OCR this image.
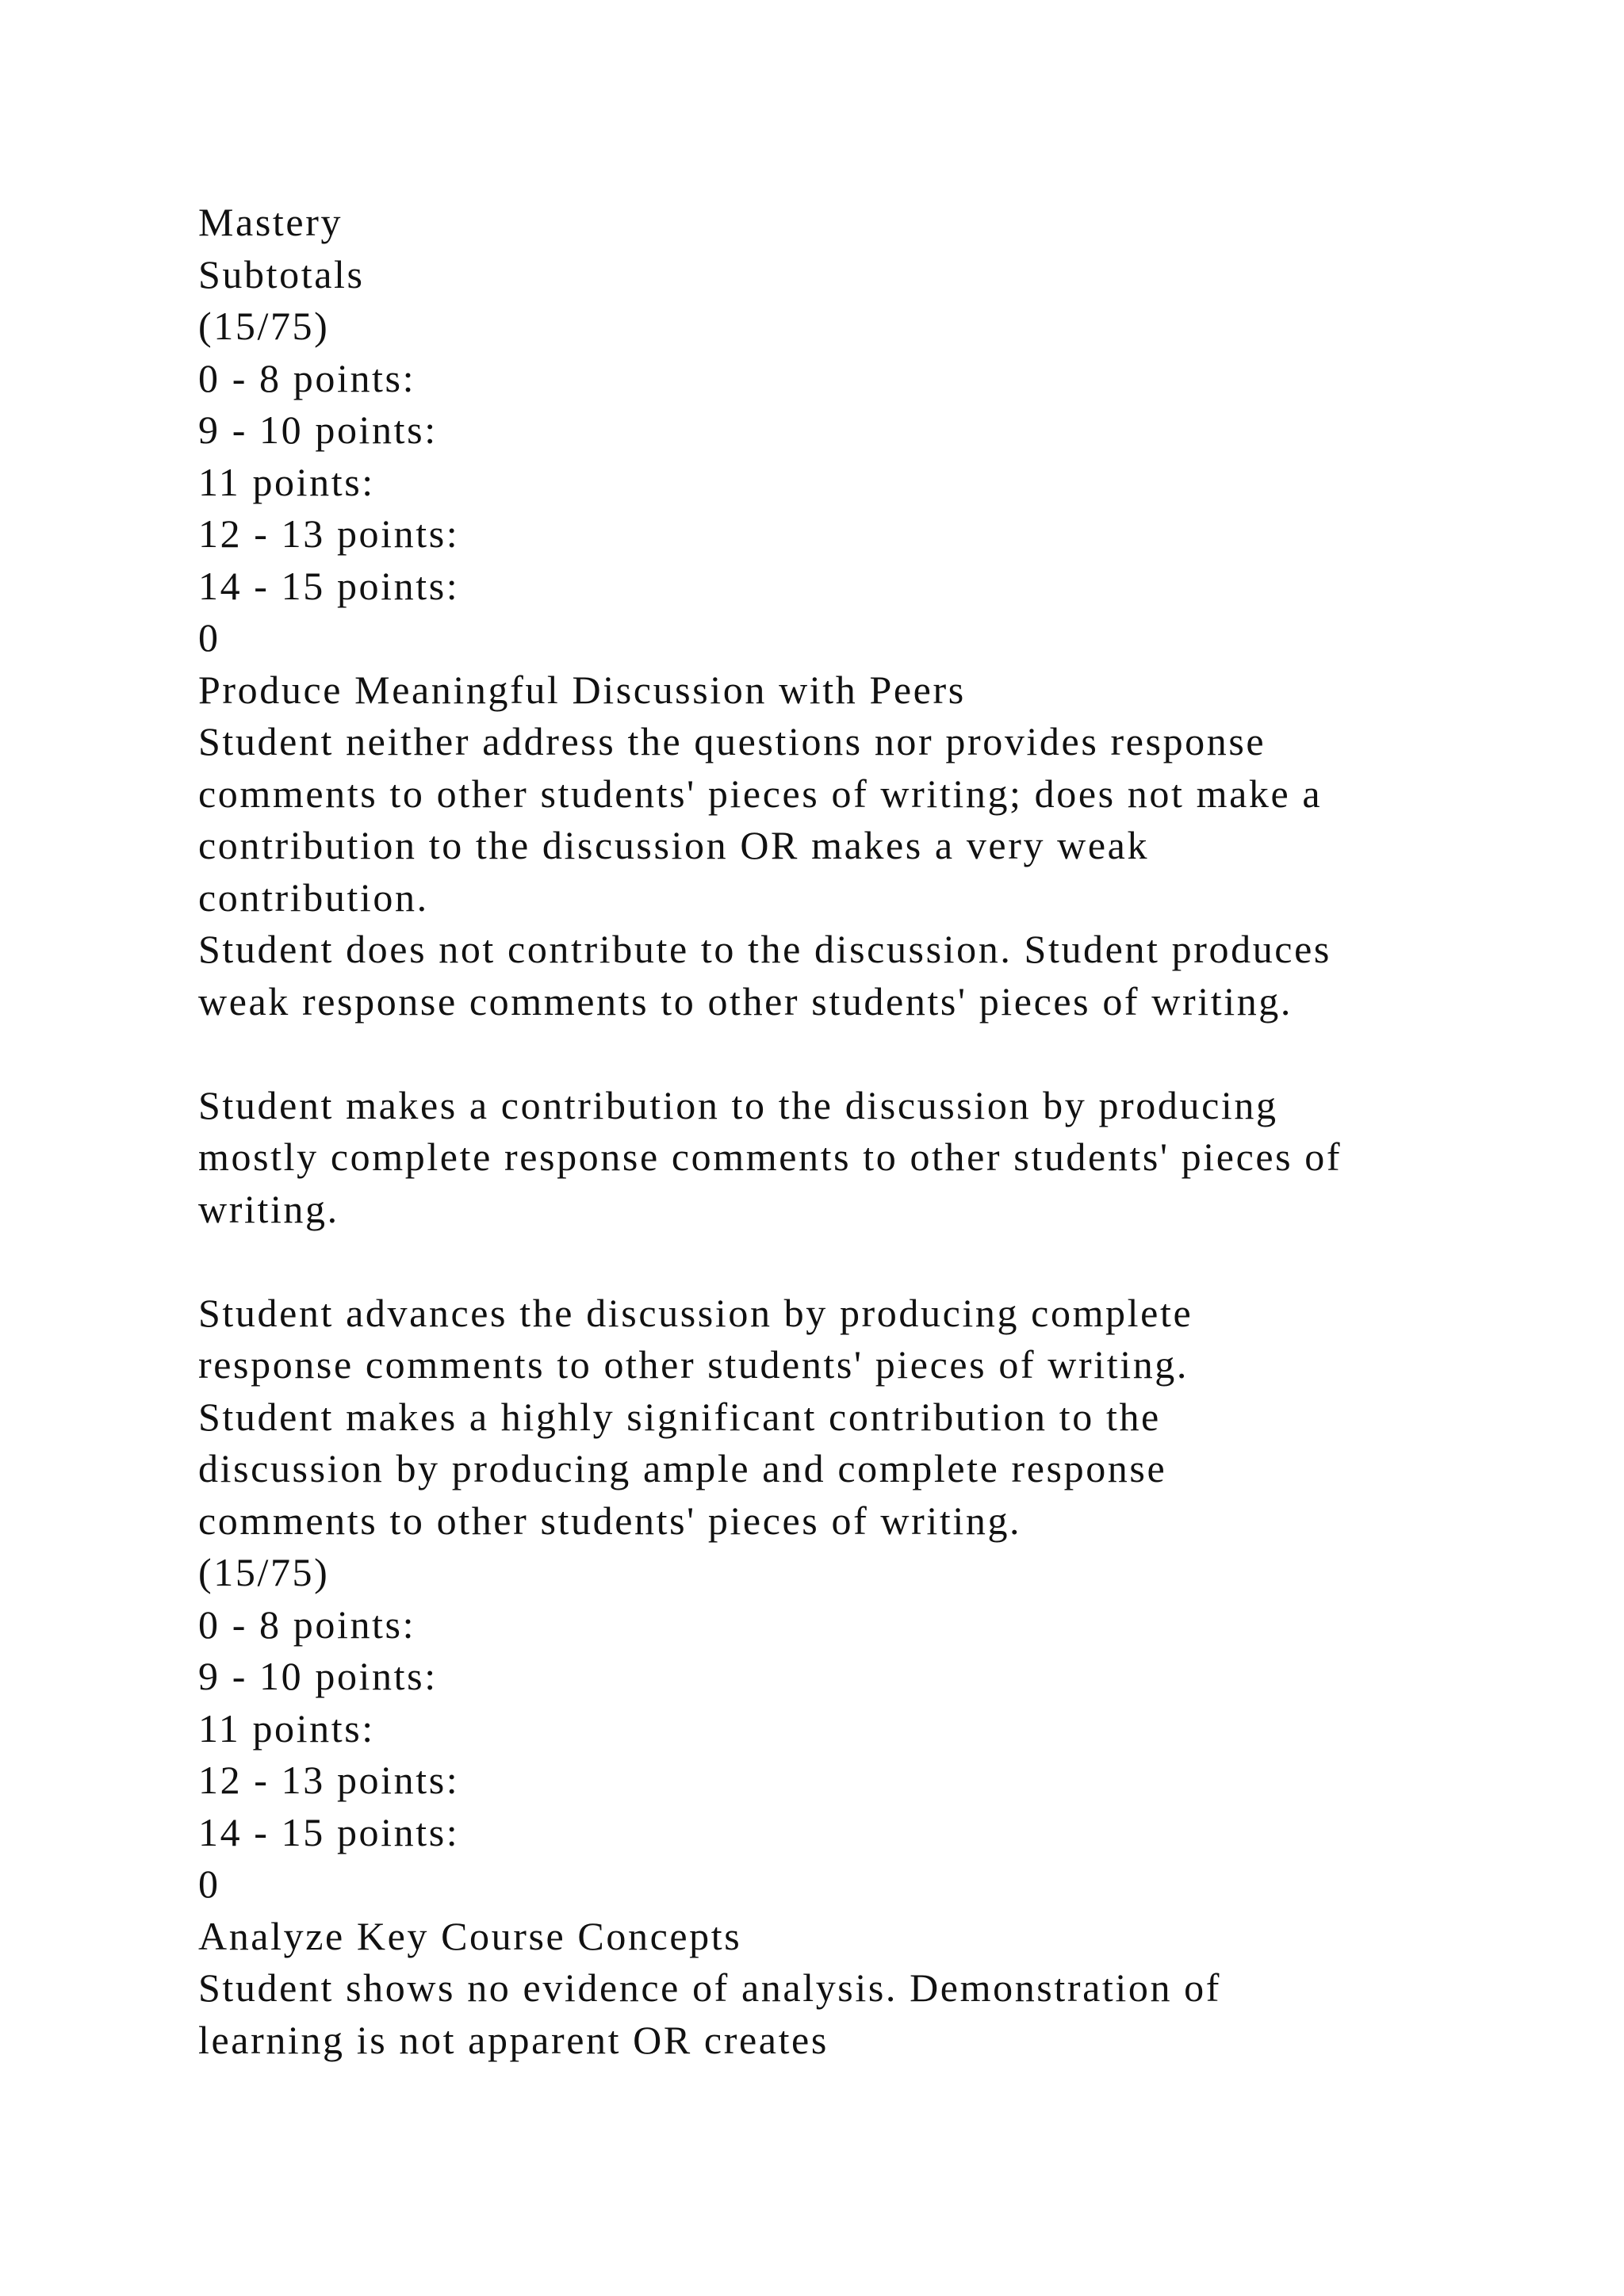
Mastery
Subtotals
(15/75)
0 - 8 points:
9 - 10 points:
11 points:
12 - 13 points:
14 - 15 points:
0
Produce Meaningful Discussion with Peers
Student neither address the questions nor provides response
comments to other students' pieces of writing; does not make a
contribution to the discussion OR makes a very weak
contribution.
Student does not contribute to the discussion. Student produces
weak response comments to other students' pieces of writing.
Student makes a contribution to the discussion by producing
mostly complete response comments to other students' pieces of
writing.
Student advances the discussion by producing complete
response comments to other students' pieces of writing.
Student makes a highly significant contribution to the
discussion by producing ample and complete response
comments to other students' pieces of writing.
(15/75)
0 - 8 points:
9 - 10 points:
11 points:
12 - 13 points:
14 - 15 points:
0
Analyze Key Course Concepts
Student shows no evidence of analysis. Demonstration of
learning is not apparent OR creates
